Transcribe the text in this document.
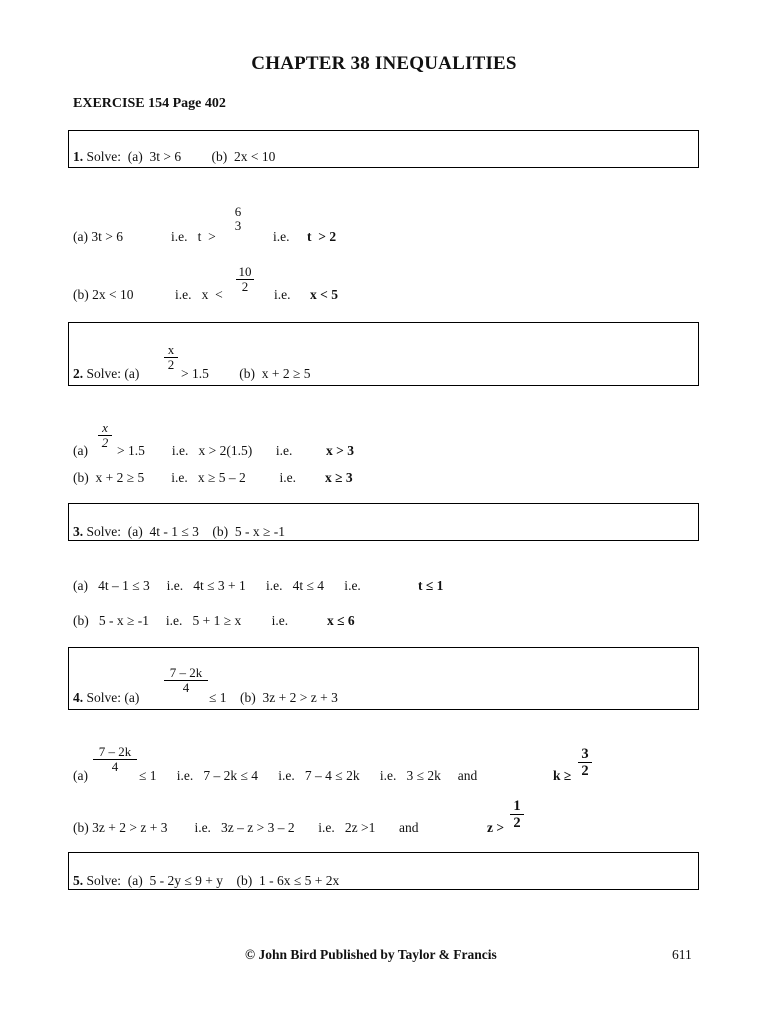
CHAPTER 38 INEQUALITIES
EXERCISE 154 Page 402
1. Solve:  (a)  3t > 6         (b)  2x < 10
(a) 3t > 6	i.e.   t  >
6
3
i.e. t  > 2
(b) 2x < 10	i.e.   x  <
$\frac{10}{2}$
i.e. x < 5
2. Solve: (a)
$\frac{x}{2}$
> 1.5         (b)  x + 2 ≥ 5
(a)
$\frac{x}{2}$
> 1.5        i.e.   x > 2(1.5)       i.e. x > 3
(b)  x + 2 ≥ 5        i.e.   x ≥ 5 – 2          i.e. x ≥ 3
3. Solve:  (a)  4t - 1 ≤ 3    (b)  5 - x ≥ -1
(a)   4t – 1 ≤ 3     i.e.   4t ≤ 3 + 1      i.e.   4t ≤ 4      i.e.	t ≤ 1
(b)   5 - x ≥ -1     i.e.   5 + 1 ≥ x         i.e.	x ≤ 6
4. Solve: (a)
$\frac{7 - 2k}{4}$
≤ 1    (b)  3z + 2 > z + 3
(a)
$\frac{7 - 2k}{4}$
≤ 1      i.e.   7 – 2k ≤ 4      i.e.   7 – 4 ≤ 2k      i.e.   3 ≤ 2k     and	$k \ge \frac{3}{2}$
(b) 3z + 2 > z + 3        i.e.   3z – z > 3 – 2       i.e.   2z >1       and	$z > \frac{1}{2}$
5. Solve:  (a)  5 - 2y ≤ 9 + y    (b)  1 - 6x ≤ 5 + 2x
© John Bird Published by Taylor & Francis	611
